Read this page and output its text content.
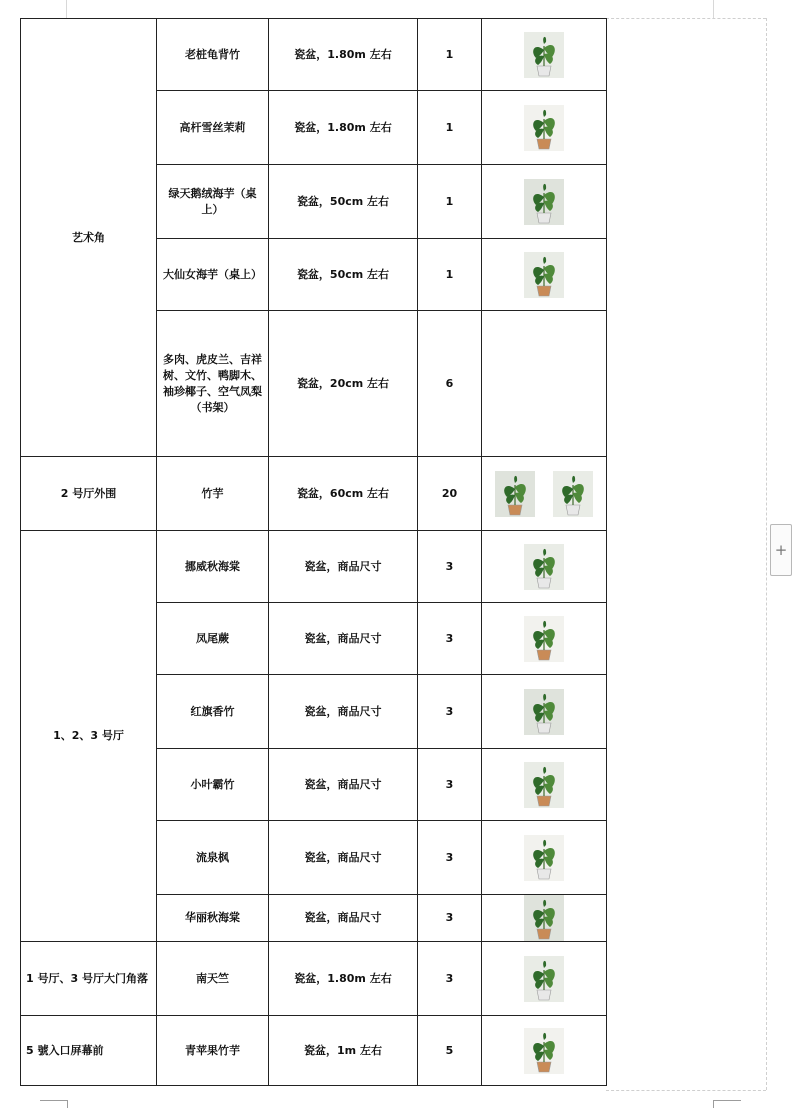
+
艺术角	老桩龟背竹	瓷盆，1.80m 左右	1	

	高杆雪丝茉莉	瓷盆，1.80m 左右	1	

	绿天鹅绒海芋（桌上）	瓷盆，50cm 左右	1	

	大仙女海芋（桌上）	瓷盆，50cm 左右	1	

	多肉、虎皮兰、吉祥树、文竹、鸭脚木、袖珍椰子、空气凤梨（书架）	瓷盆，20cm 左右	6	
2 号厅外围	竹芋	瓷盆，60cm 左右	20	

1、2、3 号厅	挪威秋海棠	瓷盆，商品尺寸	3	

	凤尾蕨	瓷盆，商品尺寸	3	

	红旗香竹	瓷盆，商品尺寸	3	

	小叶霸竹	瓷盆，商品尺寸	3	

	流泉枫	瓷盆，商品尺寸	3	

	华丽秋海棠	瓷盆，商品尺寸	3	

1 号厅、3 号厅大门角落	南天竺	瓷盆，1.80m 左右	3	

5 號入口屏幕前	青苹果竹芋	瓷盆，1m 左右	5	
